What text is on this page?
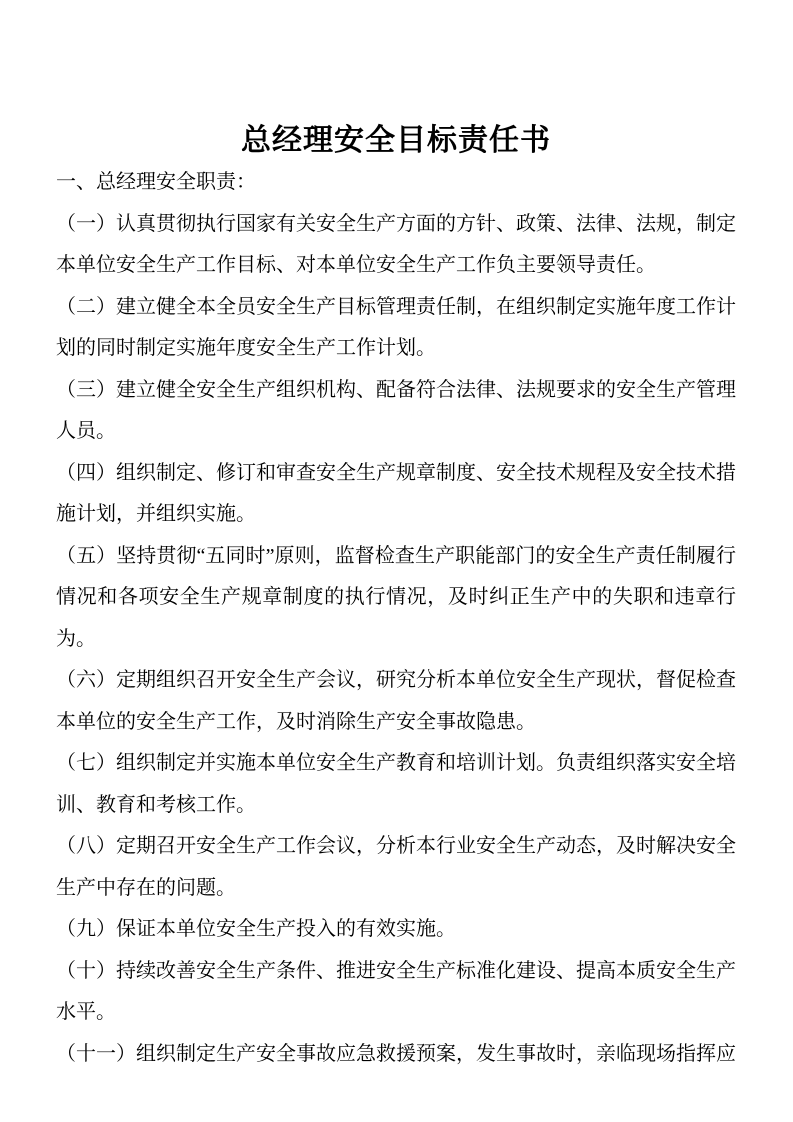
总经理安全目标责任书
一、总经理安全职责：

（一）认真贯彻执行国家有关安全生产方面的方针、政策、法律、法规，制定本单位安全生产工作目标、对本单位安全生产工作负主要领导责任。

（二）建立健全本全员安全生产目标管理责任制，在组织制定实施年度工作计划的同时制定实施年度安全生产工作计划。

（三）建立健全安全生产组织机构、配备符合法律、法规要求的安全生产管理人员。

（四）组织制定、修订和审查安全生产规章制度、安全技术规程及安全技术措施计划，并组织实施。

（五）坚持贯彻“五同时”原则，监督检查生产职能部门的安全生产责任制履行情况和各项安全生产规章制度的执行情况，及时纠正生产中的失职和违章行为。

（六）定期组织召开安全生产会议，研究分析本单位安全生产现状，督促检查本单位的安全生产工作，及时消除生产安全事故隐患。

（七）组织制定并实施本单位安全生产教育和培训计划。负责组织落实安全培训、教育和考核工作。

（八）定期召开安全生产工作会议，分析本行业安全生产动态，及时解决安全生产中存在的问题。

（九）保证本单位安全生产投入的有效实施。

（十）持续改善安全生产条件、推进安全生产标准化建设、提高本质安全生产水平。

（十一）组织制定生产安全事故应急救援预案，发生事故时，亲临现场指挥应
